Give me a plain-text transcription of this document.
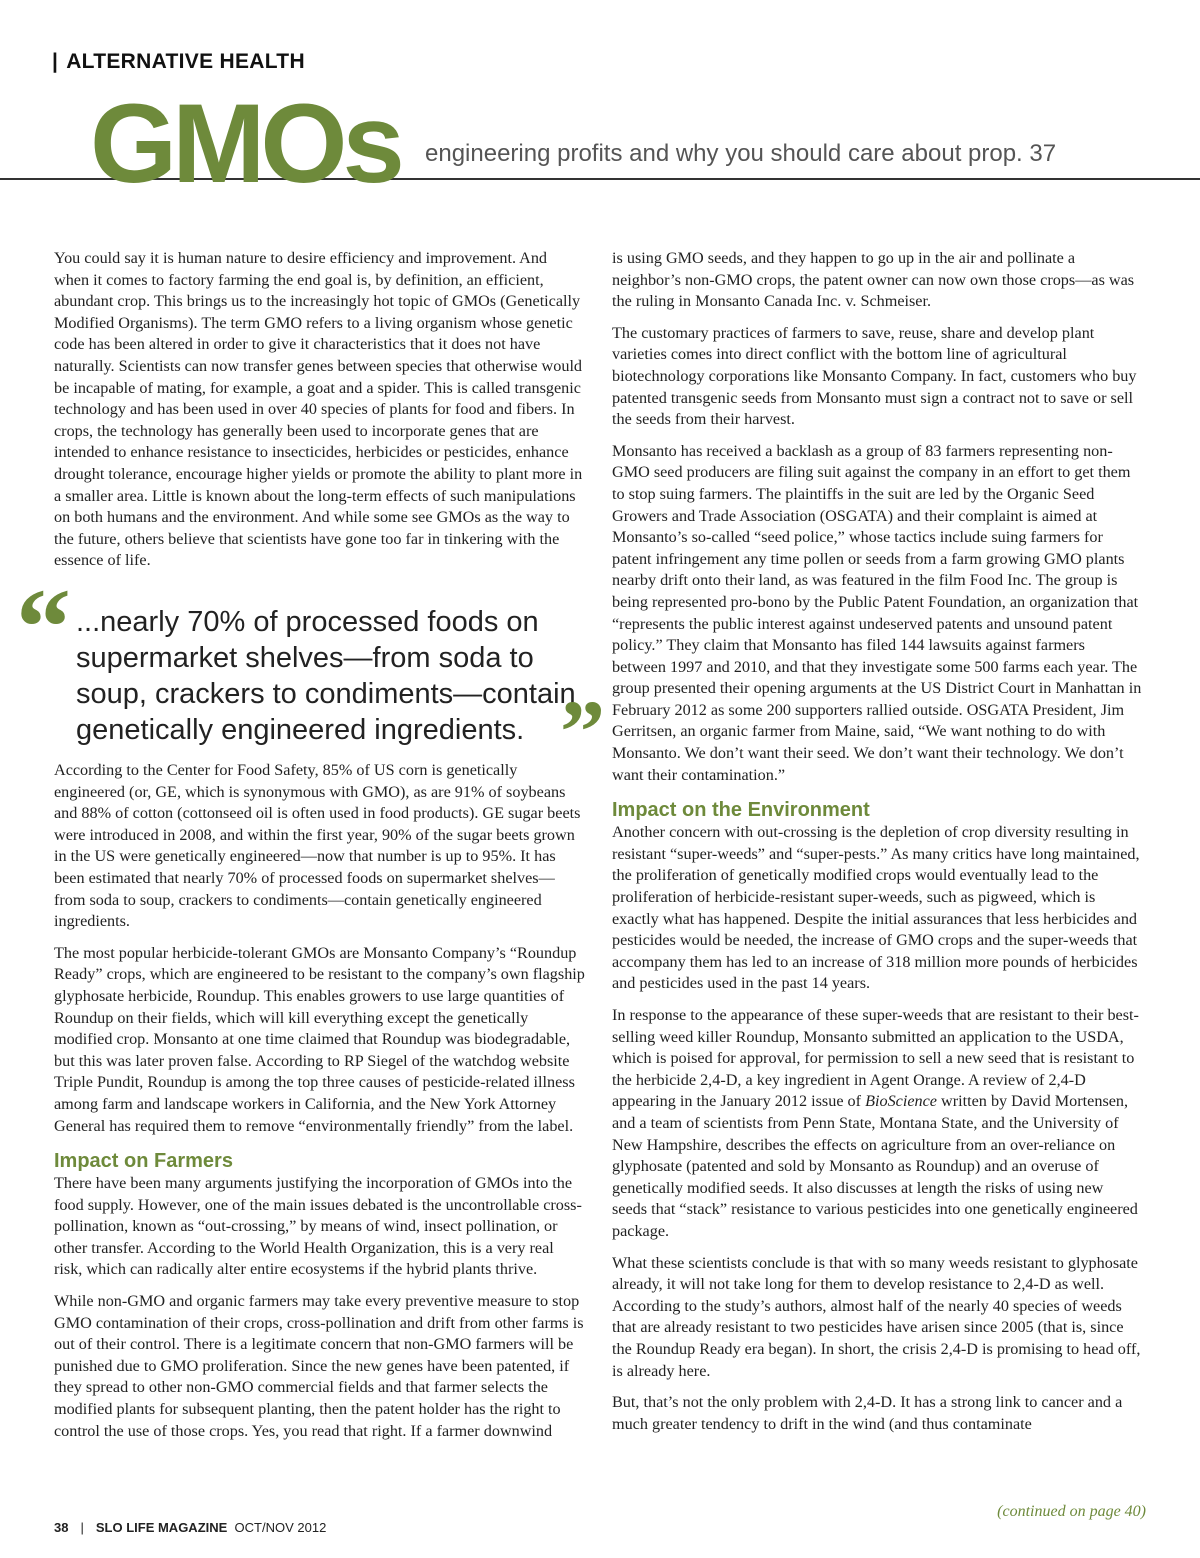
| ALTERNATIVE HEALTH
GMOs engineering profits and why you should care about prop. 37

You could say it is human nature to desire efficiency and improvement. And when it comes to factory farming the end goal is, by definition, an efficient, abundant crop. This brings us to the increasingly hot topic of GMOs (Genetically Modified Organisms). The term GMO refers to a living organism whose genetic code has been altered in order to give it characteristics that it does not have naturally. Scientists can now transfer genes between species that otherwise would be incapable of mating, for example, a goat and a spider. This is called transgenic technology and has been used in over 40 species of plants for food and fibers. In crops, the technology has generally been used to incorporate genes that are intended to enhance resistance to insecticides, herbicides or pesticides, enhance drought tolerance, encourage higher yields or promote the ability to plant more in a smaller area. Little is known about the long-term effects of such manipulations on both humans and the environment. And while some see GMOs as the way to the future, others believe that scientists have gone too far in tinkering with the essence of life.

“ ...nearly 70% of processed foods on supermarket shelves—from soda to soup, crackers to condiments—contain genetically engineered ingredients. ”

According to the Center for Food Safety, 85% of US corn is genetically engineered (or, GE, which is synonymous with GMO), as are 91% of soybeans and 88% of cotton (cottonseed oil is often used in food products). GE sugar beets were introduced in 2008, and within the first year, 90% of the sugar beets grown in the US were genetically engineered—now that number is up to 95%. It has been estimated that nearly 70% of processed foods on supermarket shelves—from soda to soup, crackers to condiments—contain genetically engineered ingredients.

The most popular herbicide-tolerant GMOs are Monsanto Company’s “Roundup Ready” crops, which are engineered to be resistant to the company’s own flagship glyphosate herbicide, Roundup. This enables growers to use large quantities of Roundup on their fields, which will kill everything except the genetically modified crop. Monsanto at one time claimed that Roundup was biodegradable, but this was later proven false. According to RP Siegel of the watchdog website Triple Pundit, Roundup is among the top three causes of pesticide-related illness among farm and landscape workers in California, and the New York Attorney General has required them to remove “environmentally friendly” from the label.

Impact on Farmers

There have been many arguments justifying the incorporation of GMOs into the food supply. However, one of the main issues debated is the uncontrollable cross-pollination, known as “out-crossing,” by means of wind, insect pollination, or other transfer. According to the World Health Organization, this is a very real risk, which can radically alter entire ecosystems if the hybrid plants thrive.

While non-GMO and organic farmers may take every preventive measure to stop GMO contamination of their crops, cross-pollination and drift from other farms is out of their control. There is a legitimate concern that non-GMO farmers will be punished due to GMO proliferation. Since the new genes have been patented, if they spread to other non-GMO commercial fields and that farmer selects the modified plants for subsequent planting, then the patent holder has the right to control the use of those crops. Yes, you read that right. If a farmer downwind

is using GMO seeds, and they happen to go up in the air and pollinate a neighbor’s non-GMO crops, the patent owner can now own those crops—as was the ruling in Monsanto Canada Inc. v. Schmeiser.

The customary practices of farmers to save, reuse, share and develop plant varieties comes into direct conflict with the bottom line of agricultural biotechnology corporations like Monsanto Company. In fact, customers who buy patented transgenic seeds from Monsanto must sign a contract not to save or sell the seeds from their harvest.

Monsanto has received a backlash as a group of 83 farmers representing non-GMO seed producers are filing suit against the company in an effort to get them to stop suing farmers. The plaintiffs in the suit are led by the Organic Seed Growers and Trade Association (OSGATA) and their complaint is aimed at Monsanto’s so-called “seed police,” whose tactics include suing farmers for patent infringement any time pollen or seeds from a farm growing GMO plants nearby drift onto their land, as was featured in the film Food Inc. The group is being represented pro-bono by the Public Patent Foundation, an organization that “represents the public interest against undeserved patents and unsound patent policy.” They claim that Monsanto has filed 144 lawsuits against farmers between 1997 and 2010, and that they investigate some 500 farms each year. The group presented their opening arguments at the US District Court in Manhattan in February 2012 as some 200 supporters rallied outside. OSGATA President, Jim Gerritsen, an organic farmer from Maine, said, “We want nothing to do with Monsanto. We don’t want their seed. We don’t want their technology. We don’t want their contamination.”

Impact on the Environment

Another concern with out-crossing is the depletion of crop diversity resulting in resistant “super-weeds” and “super-pests.” As many critics have long maintained, the proliferation of genetically modified crops would eventually lead to the proliferation of herbicide-resistant super-weeds, such as pigweed, which is exactly what has happened. Despite the initial assurances that less herbicides and pesticides would be needed, the increase of GMO crops and the super-weeds that accompany them has led to an increase of 318 million more pounds of herbicides and pesticides used in the past 14 years.

In response to the appearance of these super-weeds that are resistant to their best-selling weed killer Roundup, Monsanto submitted an application to the USDA, which is poised for approval, for permission to sell a new seed that is resistant to the herbicide 2,4-D, a key ingredient in Agent Orange. A review of 2,4-D appearing in the January 2012 issue of BioScience written by David Mortensen, and a team of scientists from Penn State, Montana State, and the University of New Hampshire, describes the effects on agriculture from an over-reliance on glyphosate (patented and sold by Monsanto as Roundup) and an overuse of genetically modified seeds. It also discusses at length the risks of using new seeds that “stack” resistance to various pesticides into one genetically engineered package.

What these scientists conclude is that with so many weeds resistant to glyphosate already, it will not take long for them to develop resistance to 2,4-D as well. According to the study’s authors, almost half of the nearly 40 species of weeds that are already resistant to two pesticides have arisen since 2005 (that is, since the Roundup Ready era began). In short, the crisis 2,4-D is promising to head off, is already here.

But, that’s not the only problem with 2,4-D. It has a strong link to cancer and a much greater tendency to drift in the wind (and thus contaminate

(continued on page 40)
38 | SLO LIFE MAGAZINE OCT/NOV 2012
